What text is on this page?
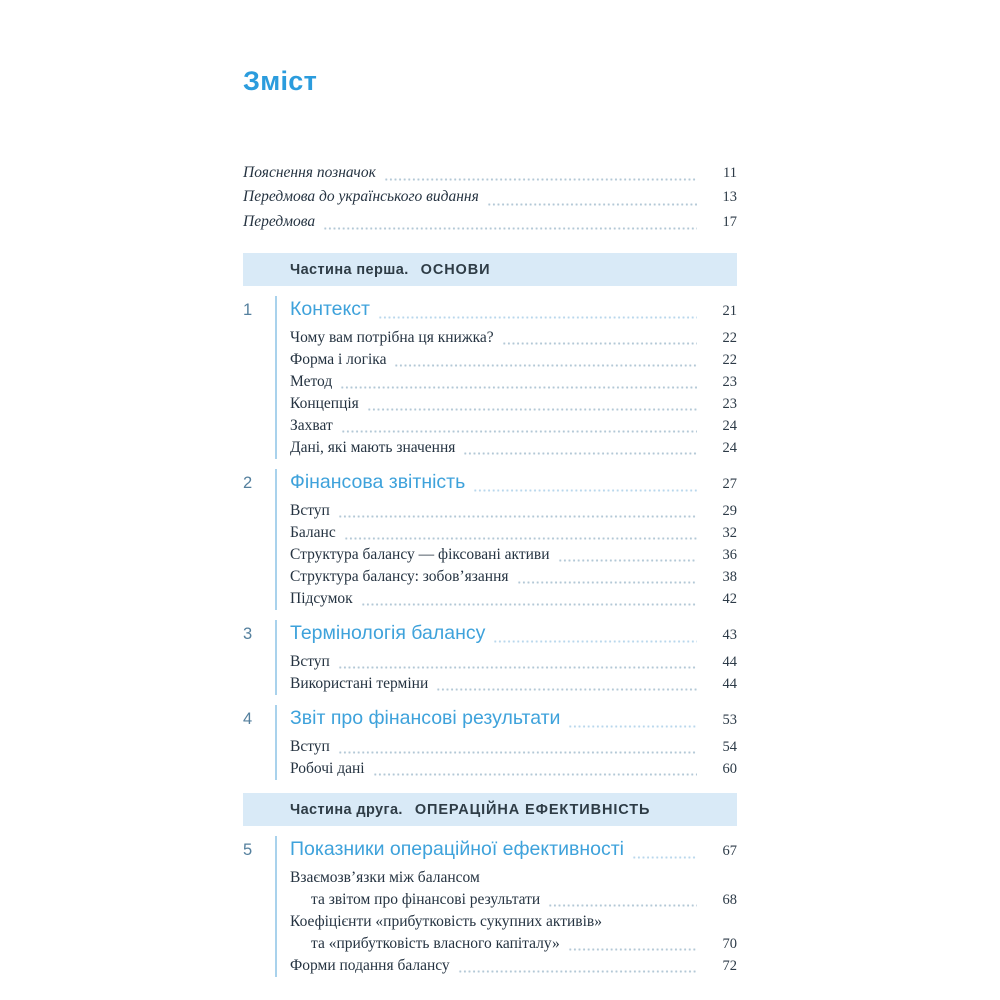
Зміст
Пояснення позначок	11
Передмова до українського видання	13
Передмова	17
Частина перша. ОСНОВИ
1	Контекст	21
Чому вам потрібна ця книжка?	22
Форма і логіка	22
Метод	23
Концепція	23
Захват	24
Дані, які мають значення	24
2	Фінансова звітність	27
Вступ	29
Баланс	32
Структура балансу — фіксовані активи	36
Структура балансу: зобов’язання	38
Підсумок	42
3	Термінологія балансу	43
Вступ	44
Використані терміни	44
4	Звіт про фінансові результати	53
Вступ	54
Робочі дані	60
Частина друга. ОПЕРАЦІЙНА ЕФЕКТИВНІСТЬ
5	Показники операційної ефективності	67
Взаємозв’язки між балансом
та звітом про фінансові результати	68
Коефіцієнти «прибутковість сукупних активів»
та «прибутковість власного капіталу»	70
Форми подання балансу	72
